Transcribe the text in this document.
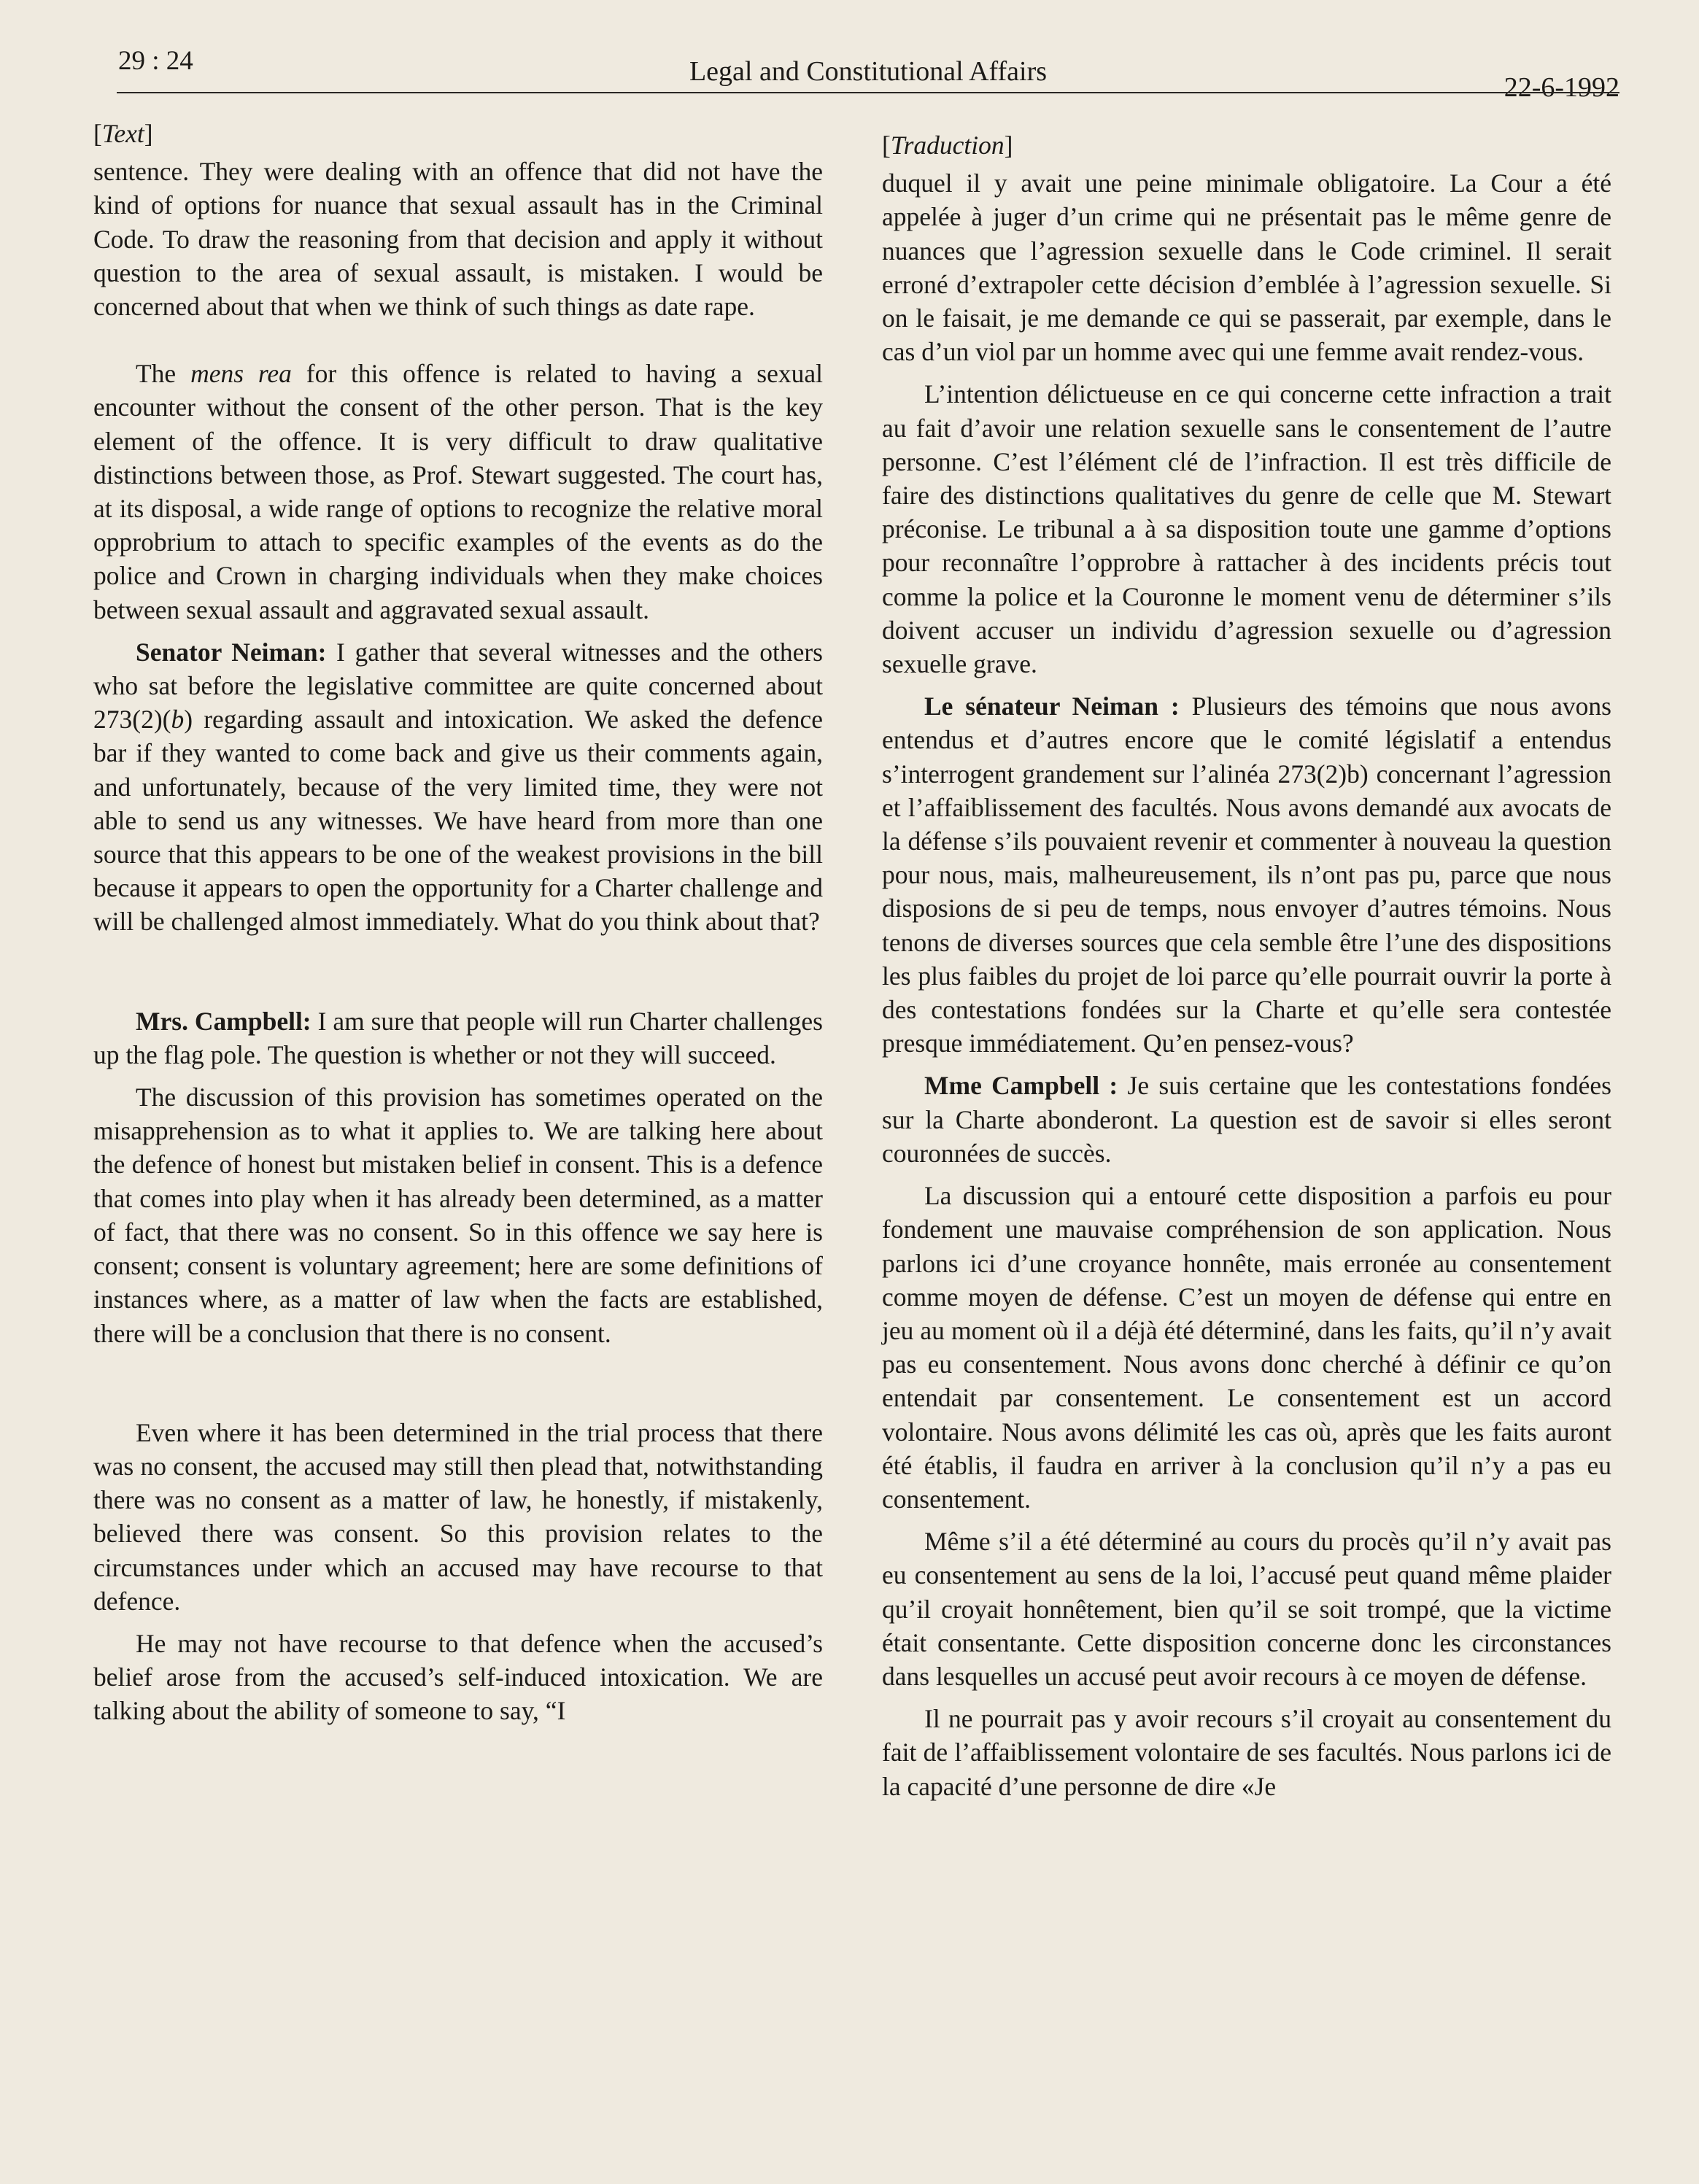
29 : 24	Legal and Constitutional Affairs
22-6-1992
[Text]

sentence. They were dealing with an offence that did not have the kind of options for nuance that sexual assault has in the Criminal Code. To draw the reasoning from that decision and apply it without question to the area of sexual assault, is mistaken. I would be concerned about that when we think of such things as date rape.

The mens rea for this offence is related to having a sexual encounter without the consent of the other person. That is the key element of the offence. It is very difficult to draw qualitative distinctions between those, as Prof. Stewart suggested. The court has, at its disposal, a wide range of options to recognize the relative moral opprobrium to attach to specific examples of the events as do the police and Crown in charging individuals when they make choices between sexual assault and aggravated sexual assault.

Senator Neiman: I gather that several witnesses and the others who sat before the legislative committee are quite concerned about 273(2)(b) regarding assault and intoxication. We asked the defence bar if they wanted to come back and give us their comments again, and unfortunately, because of the very limited time, they were not able to send us any witnesses. We have heard from more than one source that this appears to be one of the weakest provisions in the bill because it appears to open the opportunity for a Charter challenge and will be challenged almost immediately. What do you think about that?

Mrs. Campbell: I am sure that people will run Charter challenges up the flag pole. The question is whether or not they will succeed.

The discussion of this provision has sometimes operated on the misapprehension as to what it applies to. We are talking here about the defence of honest but mistaken belief in consent. This is a defence that comes into play when it has already been determined, as a matter of fact, that there was no consent. So in this offence we say here is consent; consent is voluntary agreement; here are some definitions of instances where, as a matter of law when the facts are established, there will be a conclusion that there is no consent.

Even where it has been determined in the trial process that there was no consent, the accused may still then plead that, notwithstanding there was no consent as a matter of law, he honestly, if mistakenly, believed there was consent. So this provision relates to the circumstances under which an accused may have recourse to that defence.

He may not have recourse to that defence when the accused’s belief arose from the accused’s self-induced intoxication. We are talking about the ability of someone to say, “I

[Traduction]

duquel il y avait une peine minimale obligatoire. La Cour a été appelée à juger d’un crime qui ne présentait pas le même genre de nuances que l’agression sexuelle dans le Code criminel. Il serait erroné d’extrapoler cette décision d’emblée à l’agression sexuelle. Si on le faisait, je me demande ce qui se passerait, par exemple, dans le cas d’un viol par un homme avec qui une femme avait rendez-vous.

L’intention délictueuse en ce qui concerne cette infraction a trait au fait d’avoir une relation sexuelle sans le consentement de l’autre personne. C’est l’élément clé de l’infraction. Il est très difficile de faire des distinctions qualitatives du genre de celle que M. Stewart préconise. Le tribunal a à sa disposition toute une gamme d’options pour reconnaître l’opprobre à rattacher à des incidents précis tout comme la police et la Couronne le moment venu de déterminer s’ils doivent accuser un individu d’agression sexuelle ou d’agression sexuelle grave.

Le sénateur Neiman : Plusieurs des témoins que nous avons entendus et d’autres encore que le comité législatif a entendus s’interrogent grandement sur l’alinéa 273(2)b) concernant l’agression et l’affaiblissement des facultés. Nous avons demandé aux avocats de la défense s’ils pouvaient revenir et commenter à nouveau la question pour nous, mais, malheureusement, ils n’ont pas pu, parce que nous disposions de si peu de temps, nous envoyer d’autres témoins. Nous tenons de diverses sources que cela semble être l’une des dispositions les plus faibles du projet de loi parce qu’elle pourrait ouvrir la porte à des contestations fondées sur la Charte et qu’elle sera contestée presque immédiatement. Qu’en pensez-vous?

Mme Campbell : Je suis certaine que les contestations fondées sur la Charte abonderont. La question est de savoir si elles seront couronnées de succès.

La discussion qui a entouré cette disposition a parfois eu pour fondement une mauvaise compréhension de son application. Nous parlons ici d’une croyance honnête, mais erronée au consentement comme moyen de défense. C’est un moyen de défense qui entre en jeu au moment où il a déjà été déterminé, dans les faits, qu’il n’y avait pas eu consentement. Nous avons donc cherché à définir ce qu’on entendait par consentement. Le consentement est un accord volontaire. Nous avons délimité les cas où, après que les faits auront été établis, il faudra en arriver à la conclusion qu’il n’y a pas eu consentement.

Même s’il a été déterminé au cours du procès qu’il n’y avait pas eu consentement au sens de la loi, l’accusé peut quand même plaider qu’il croyait honnêtement, bien qu’il se soit trompé, que la victime était consentante. Cette disposition concerne donc les circonstances dans lesquelles un accusé peut avoir recours à ce moyen de défense.

Il ne pourrait pas y avoir recours s’il croyait au consentement du fait de l’affaiblissement volontaire de ses facultés. Nous parlons ici de la capacité d’une personne de dire «Je
